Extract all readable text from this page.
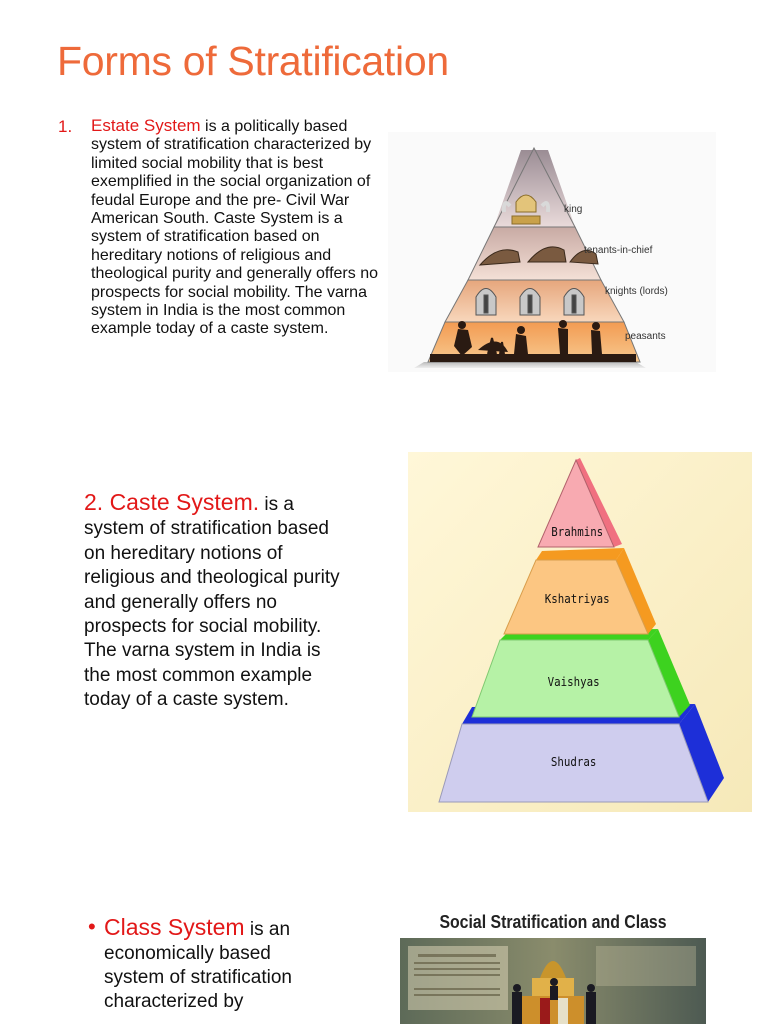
Forms of Stratification
1. Estate System is a politically based system of stratification characterized by limited social mobility that is best exemplified in the social organization of feudal Europe and the pre- Civil War American South. Caste System is a system of stratification based on hereditary notions of religious and theological purity and generally offers no prospects for social mobility. The varna system in India is the most common example today of a caste system.
king
tenants-in-chief
knights (lords)
peasants
2. Caste System. is a system of stratification based on hereditary notions of religious and theological purity and generally offers no prospects for social mobility. The varna system in India is the most common example today of a caste system.
Brahmins
Kshatriyas
Vaishyas
Shudras
• Class System is an economically based system of stratification characterized by
Social Stratification and Class
